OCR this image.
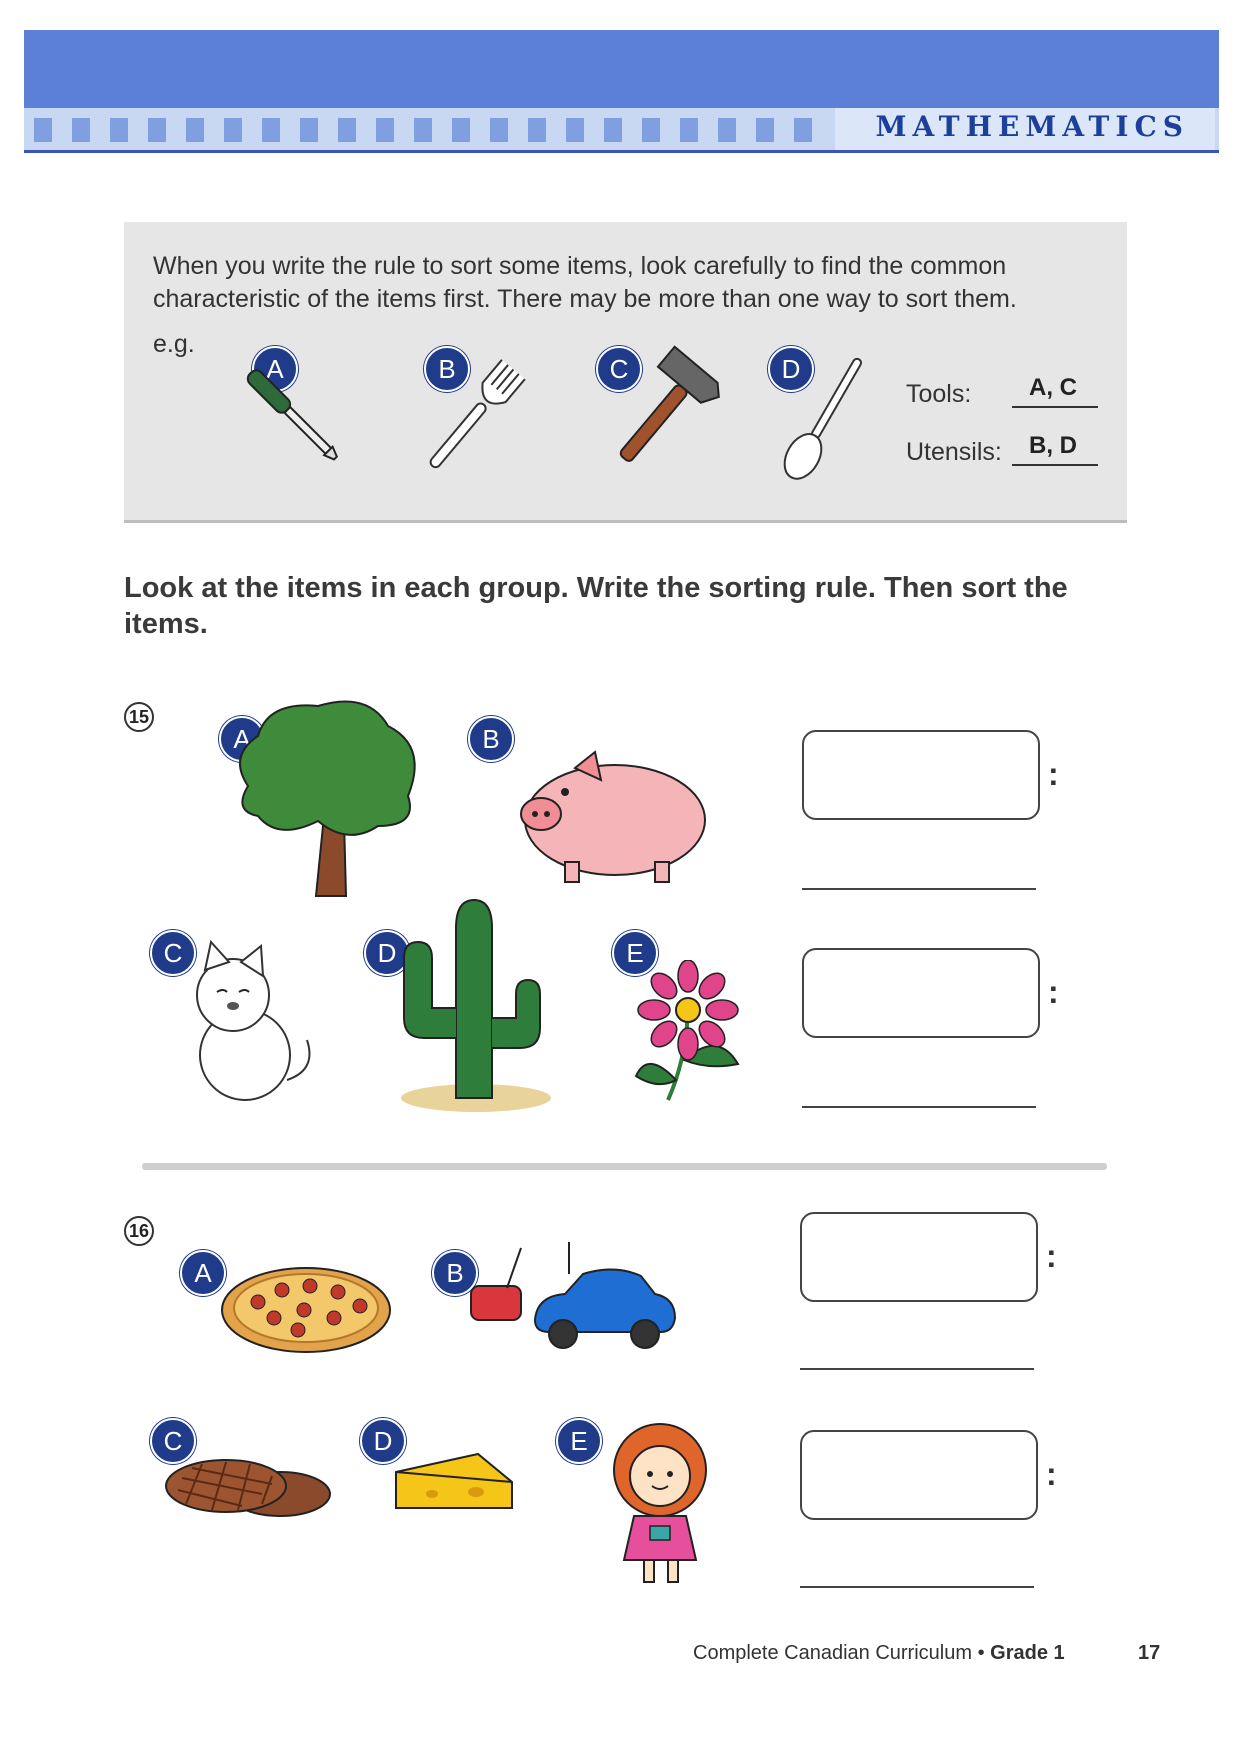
MATHEMATICS
When you write the rule to sort some items, look carefully to find the common
characteristic of the items first. There may be more than one way to sort them.
e.g.
A	B	C	D
Tools: A, C
Utensils: B, D
Look at the items in each group. Write the sorting rule. Then sort the items.
15
A	B
:
C	D	E
:
16
A	B	:
C	D	E
:
Complete Canadian Curriculum • Grade 1	17
